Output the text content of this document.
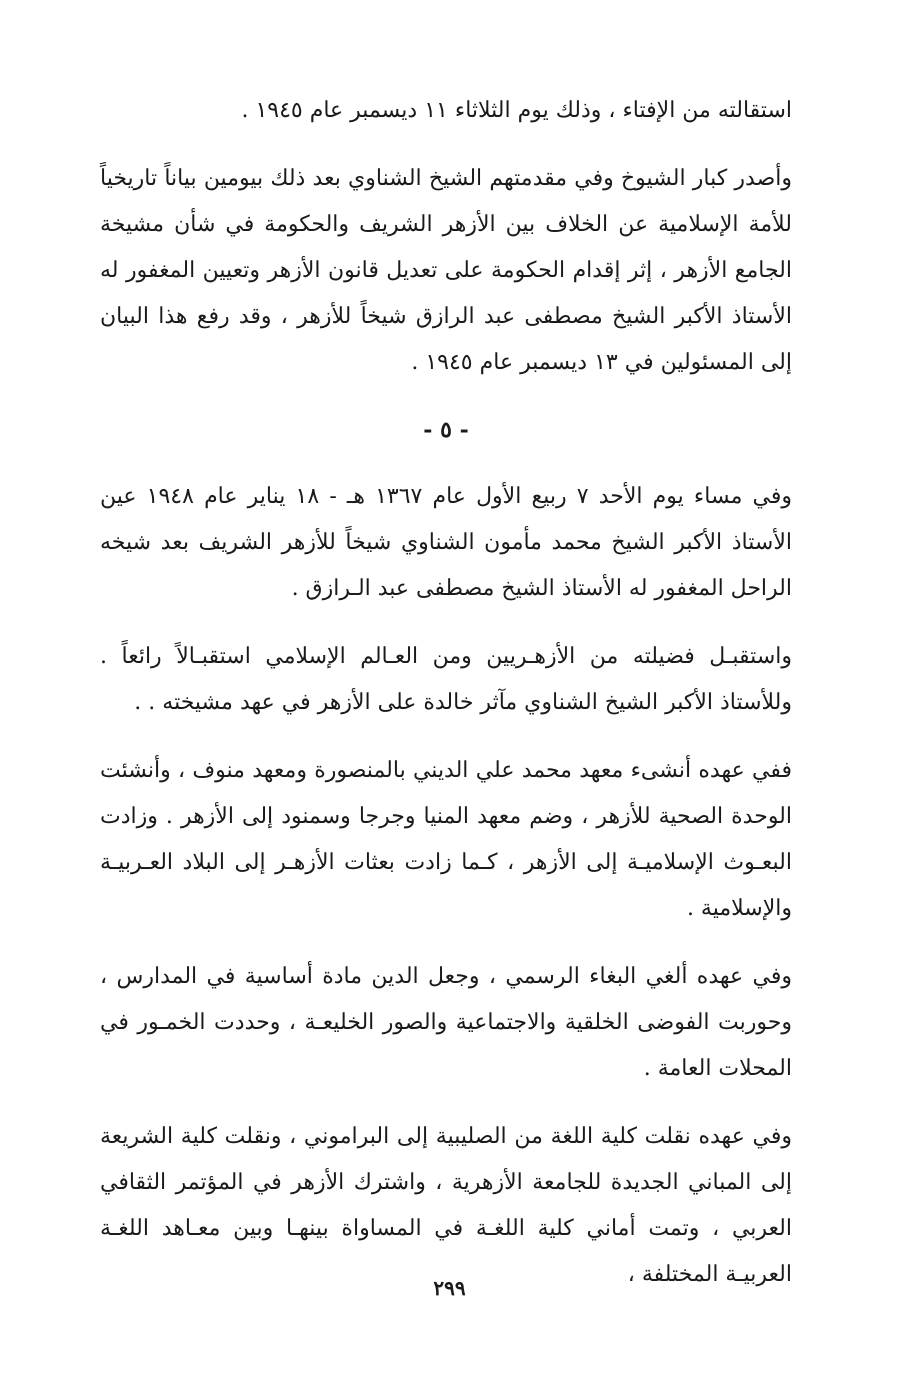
استقالته من الإفتاء ، وذلك يوم الثلاثاء ١١ ديسمبر عام ١٩٤٥ .

وأصدر كبار الشيوخ وفي مقدمتهم الشيخ الشناوي بعد ذلك بيومين بياناً تاريخياً للأمة الإسلامية عن الخلاف بين الأزهر الشريف والحكومة في شأن مشيخة الجامع الأزهر ، إثر إقدام الحكومة على تعديل قانون الأزهر وتعيين المغفور له الأستاذ الأكبر الشيخ مصطفى عبد الرازق شيخاً للأزهر ، وقد رفع هذا البيان إلى المسئولين في ١٣ ديسمبر عام ١٩٤٥ .

- ٥ -

وفي مساء يوم الأحد ٧ ربيع الأول عام ١٣٦٧ هـ - ١٨ يناير عام ١٩٤٨ عين الأستاذ الأكبر الشيخ محمد مأمون الشناوي شيخاً للأزهر الشريف بعد شيخه الراحل المغفور له الأستاذ الشيخ مصطفى عبد الـرازق .

واستقبـل فضيلته من الأزهـريين ومن العـالم الإسلامي استقبـالاً رائعاً . وللأستاذ الأكبر الشيخ الشناوي مآثر خالدة على الأزهر في عهد مشيخته . .

ففي عهده أنشىء معهد محمد علي الديني بالمنصورة ومعهد منوف ، وأنشئت الوحدة الصحية للأزهر ، وضم معهد المنيا وجرجا وسمنود إلى الأزهر . وزادت البعـوث الإسلاميـة إلى الأزهر ، كـما زادت بعثات الأزهـر إلى البلاد العـربيـة والإسلامية .

وفي عهده ألغي البغاء الرسمي ، وجعل الدين مادة أساسية في المدارس ، وحوربت الفوضى الخلقية والاجتماعية والصور الخليعـة ، وحددت الخمـور في المحلات العامة .

وفي عهده نقلت كلية اللغة من الصليبية إلى البراموني ، ونقلت كلية الشريعة إلى المباني الجديدة للجامعة الأزهرية ، واشترك الأزهر في المؤتمر الثقافي العربي ، وتمت أماني كلية اللغـة في المساواة بينهـا وبين معـاهد اللغـة العربيـة المختلفة ،

٢٩٩
